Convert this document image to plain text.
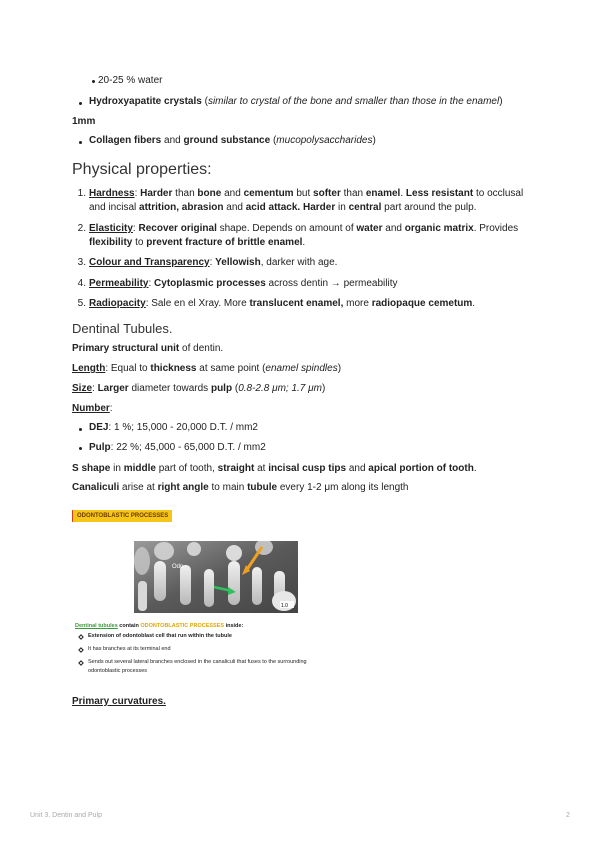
20-25 % water
Hydroxyapatite crystals (similar to crystal of the bone and smaller than those in the enamel)
1mm
Collagen fibers and ground substance (mucopolysaccharides)
Physical properties:
1. Hardness: Harder than bone and cementum but softer than enamel. Less resistant to occlusal
and incisal attrition, abrasion and acid attack. Harder in central part around the pulp.
2. Elasticity: Recover original shape. Depends on amount of water and organic matrix. Provides
flexibility to prevent fracture of brittle enamel.
3. Colour and Transparency: Yellowish, darker with age.
4. Permeability: Cytoplasmic processes across dentin → permeability
5. Radiopacity: Sale en el Xray. More translucent enamel, more radiopaque cemetum.
Dentinal Tubules.
Primary structural unit of dentin.
Length: Equal to thickness at same point (enamel spindles)
Size: Larger diameter towards pulp (0.8-2.8 μm; 1.7 μm)
Number:
DEJ: 1 %; 15,000 - 20,000 D.T. / mm2
Pulp: 22 %; 45,000 - 65,000 D.T. / mm2
S shape in middle part of tooth, straight at incisal cusp tips and apical portion of tooth.
Canaliculi arise at right angle to main tubule every 1-2 μm along its length
ODONTOBLASTIC PROCESSES
Odp
1.0
Dentinal tubules contain ODONTOBLASTIC PROCESSES inside:
Extension of odontoblast cell that run within the tubule
It has branches at its terminal end
Sends out several lateral branches enclosed in the canaliculi that fuses to the surrounding
odontoblastic processes
Primary curvatures.
Unit 3. Dentin and Pulp	2
